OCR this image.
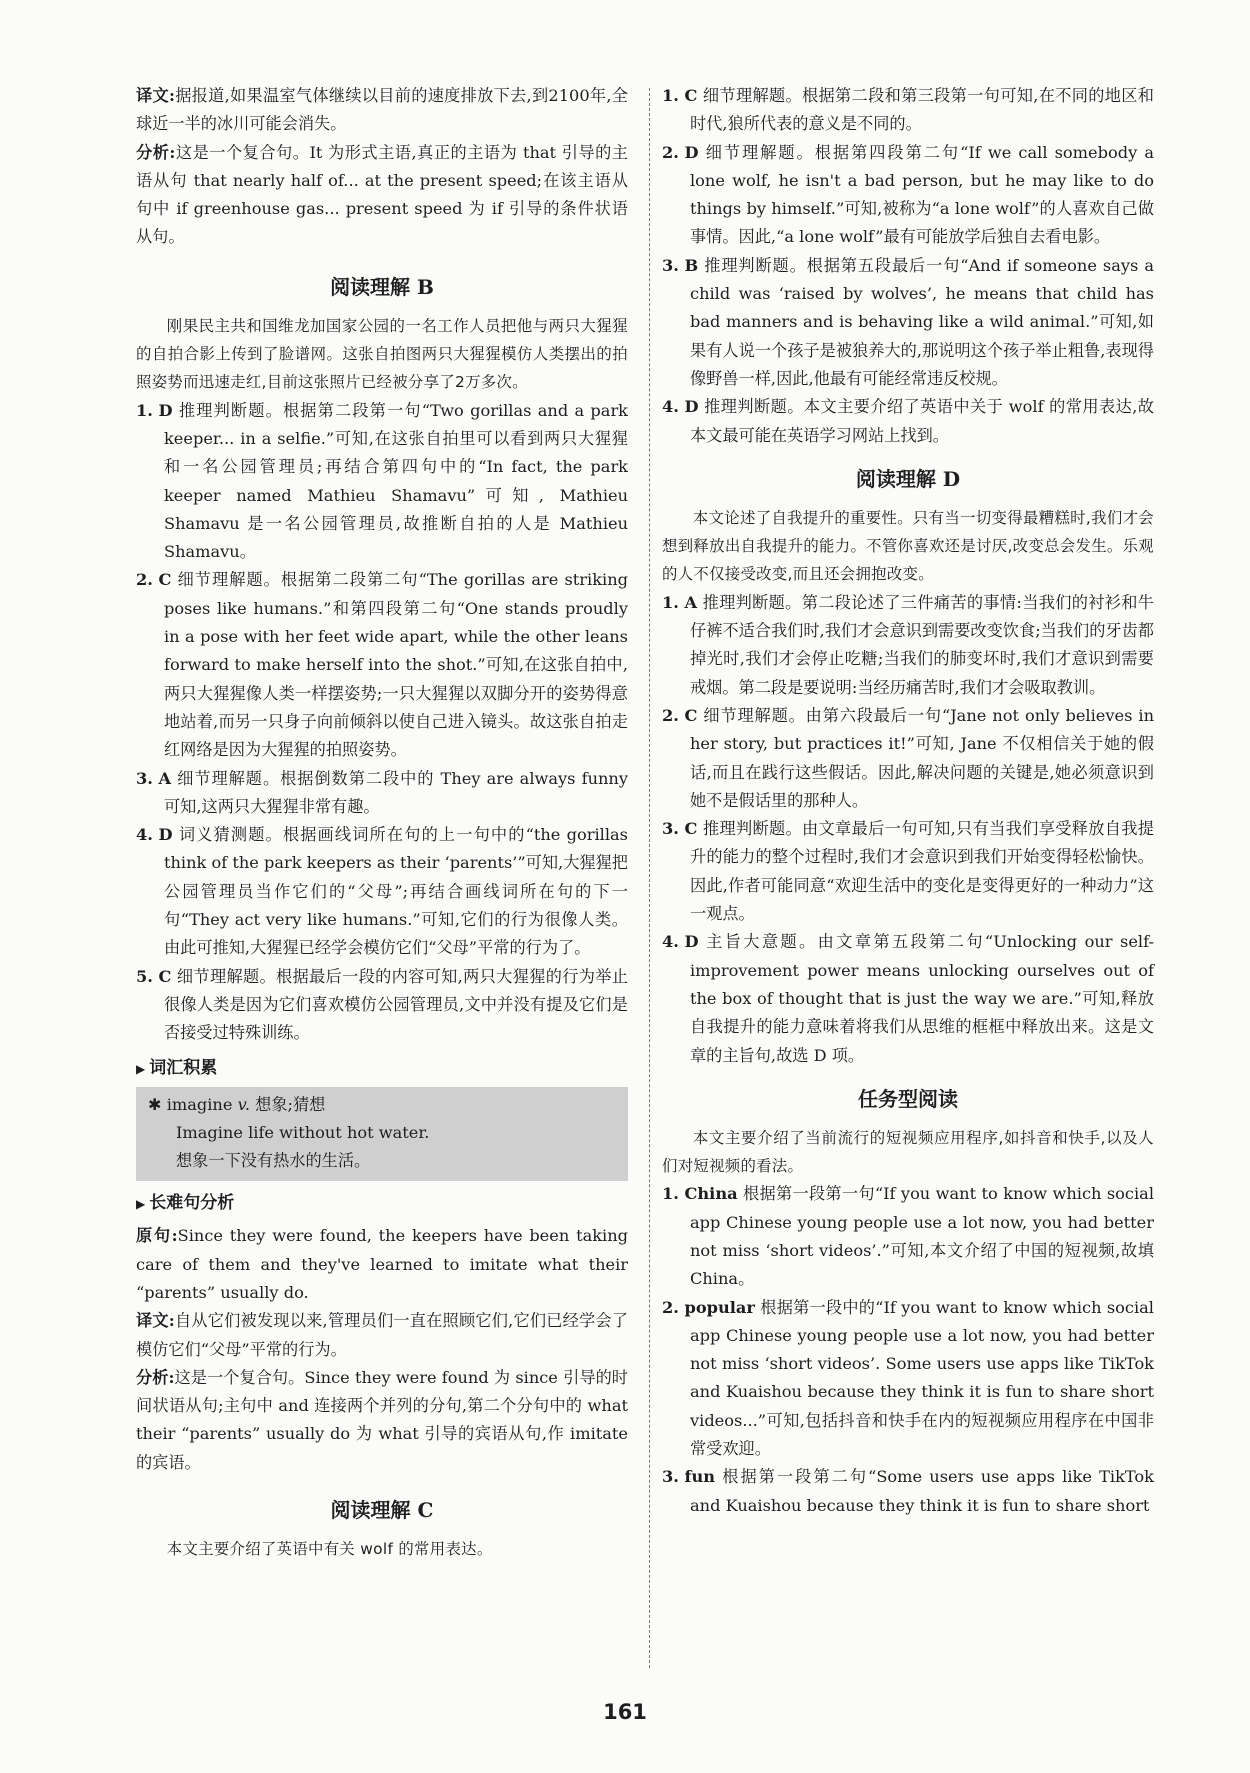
译文:据报道,如果温室气体继续以目前的速度排放下去,到2100年,全球近一半的冰川可能会消失。

分析:这是一个复合句。It 为形式主语,真正的主语为 that 引导的主语从句 that nearly half of... at the present speed;在该主语从句中 if greenhouse gas... present speed 为 if 引导的条件状语从句。

阅读理解 B

刚果民主共和国维龙加国家公园的一名工作人员把他与两只大猩猩的自拍合影上传到了脸谱网。这张自拍图两只大猩猩模仿人类摆出的拍照姿势而迅速走红,目前这张照片已经被分享了2万多次。

1. D 推理判断题。根据第二段第一句“Two gorillas and a park keeper... in a selfie.”可知,在这张自拍里可以看到两只大猩猩和一名公园管理员;再结合第四句中的“In fact, the park keeper named Mathieu Shamavu”可知, Mathieu Shamavu 是一名公园管理员,故推断自拍的人是 Mathieu Shamavu。

2. C 细节理解题。根据第二段第二句“The gorillas are striking poses like humans.”和第四段第二句“One stands proudly in a pose with her feet wide apart, while the other leans forward to make herself into the shot.”可知,在这张自拍中,两只大猩猩像人类一样摆姿势;一只大猩猩以双脚分开的姿势得意地站着,而另一只身子向前倾斜以使自己进入镜头。故这张自拍走红网络是因为大猩猩的拍照姿势。

3. A 细节理解题。根据倒数第二段中的 They are always funny 可知,这两只大猩猩非常有趣。

4. D 词义猜测题。根据画线词所在句的上一句中的“the gorillas think of the park keepers as their ‘parents’”可知,大猩猩把公园管理员当作它们的“父母”;再结合画线词所在句的下一句“They act very like humans.”可知,它们的行为很像人类。由此可推知,大猩猩已经学会模仿它们“父母”平常的行为了。

5. C 细节理解题。根据最后一段的内容可知,两只大猩猩的行为举止很像人类是因为它们喜欢模仿公园管理员,文中并没有提及它们是否接受过特殊训练。

▶ 词汇积累

✱ imagine v. 想象;猜想

Imagine life without hot water.

想象一下没有热水的生活。

▶ 长难句分析

原句:Since they were found, the keepers have been taking care of them and they've learned to imitate what their “parents” usually do.

译文:自从它们被发现以来,管理员们一直在照顾它们,它们已经学会了模仿它们“父母”平常的行为。

分析:这是一个复合句。Since they were found 为 since 引导的时间状语从句;主句中 and 连接两个并列的分句,第二个分句中的 what their “parents” usually do 为 what 引导的宾语从句,作 imitate 的宾语。

阅读理解 C

本文主要介绍了英语中有关 wolf 的常用表达。

1. C 细节理解题。根据第二段和第三段第一句可知,在不同的地区和时代,狼所代表的意义是不同的。

2. D 细节理解题。根据第四段第二句“If we call somebody a lone wolf, he isn't a bad person, but he may like to do things by himself.”可知,被称为“a lone wolf”的人喜欢自己做事情。因此,“a lone wolf”最有可能放学后独自去看电影。

3. B 推理判断题。根据第五段最后一句“And if someone says a child was ‘raised by wolves’, he means that child has bad manners and is behaving like a wild animal.”可知,如果有人说一个孩子是被狼养大的,那说明这个孩子举止粗鲁,表现得像野兽一样,因此,他最有可能经常违反校规。

4. D 推理判断题。本文主要介绍了英语中关于 wolf 的常用表达,故本文最可能在英语学习网站上找到。

阅读理解 D

本文论述了自我提升的重要性。只有当一切变得最糟糕时,我们才会想到释放出自我提升的能力。不管你喜欢还是讨厌,改变总会发生。乐观的人不仅接受改变,而且还会拥抱改变。

1. A 推理判断题。第二段论述了三件痛苦的事情:当我们的衬衫和牛仔裤不适合我们时,我们才会意识到需要改变饮食;当我们的牙齿都掉光时,我们才会停止吃糖;当我们的肺变坏时,我们才意识到需要戒烟。第二段是要说明:当经历痛苦时,我们才会吸取教训。

2. C 细节理解题。由第六段最后一句“Jane not only believes in her story, but practices it!”可知, Jane 不仅相信关于她的假话,而且在践行这些假话。因此,解决问题的关键是,她必须意识到她不是假话里的那种人。

3. C 推理判断题。由文章最后一句可知,只有当我们享受释放自我提升的能力的整个过程时,我们才会意识到我们开始变得轻松愉快。因此,作者可能同意“欢迎生活中的变化是变得更好的一种动力”这一观点。

4. D 主旨大意题。由文章第五段第二句“Unlocking our self-improvement power means unlocking ourselves out of the box of thought that is just the way we are.”可知,释放自我提升的能力意味着将我们从思维的框框中释放出来。这是文章的主旨句,故选 D 项。

任务型阅读

本文主要介绍了当前流行的短视频应用程序,如抖音和快手,以及人们对短视频的看法。

1. China 根据第一段第一句“If you want to know which social app Chinese young people use a lot now, you had better not miss ‘short videos’.”可知,本文介绍了中国的短视频,故填 China。

2. popular 根据第一段中的“If you want to know which social app Chinese young people use a lot now, you had better not miss ‘short videos’. Some users use apps like TikTok and Kuaishou because they think it is fun to share short videos...”可知,包括抖音和快手在内的短视频应用程序在中国非常受欢迎。

3. fun 根据第一段第二句“Some users use apps like TikTok and Kuaishou because they think it is fun to share short

161
